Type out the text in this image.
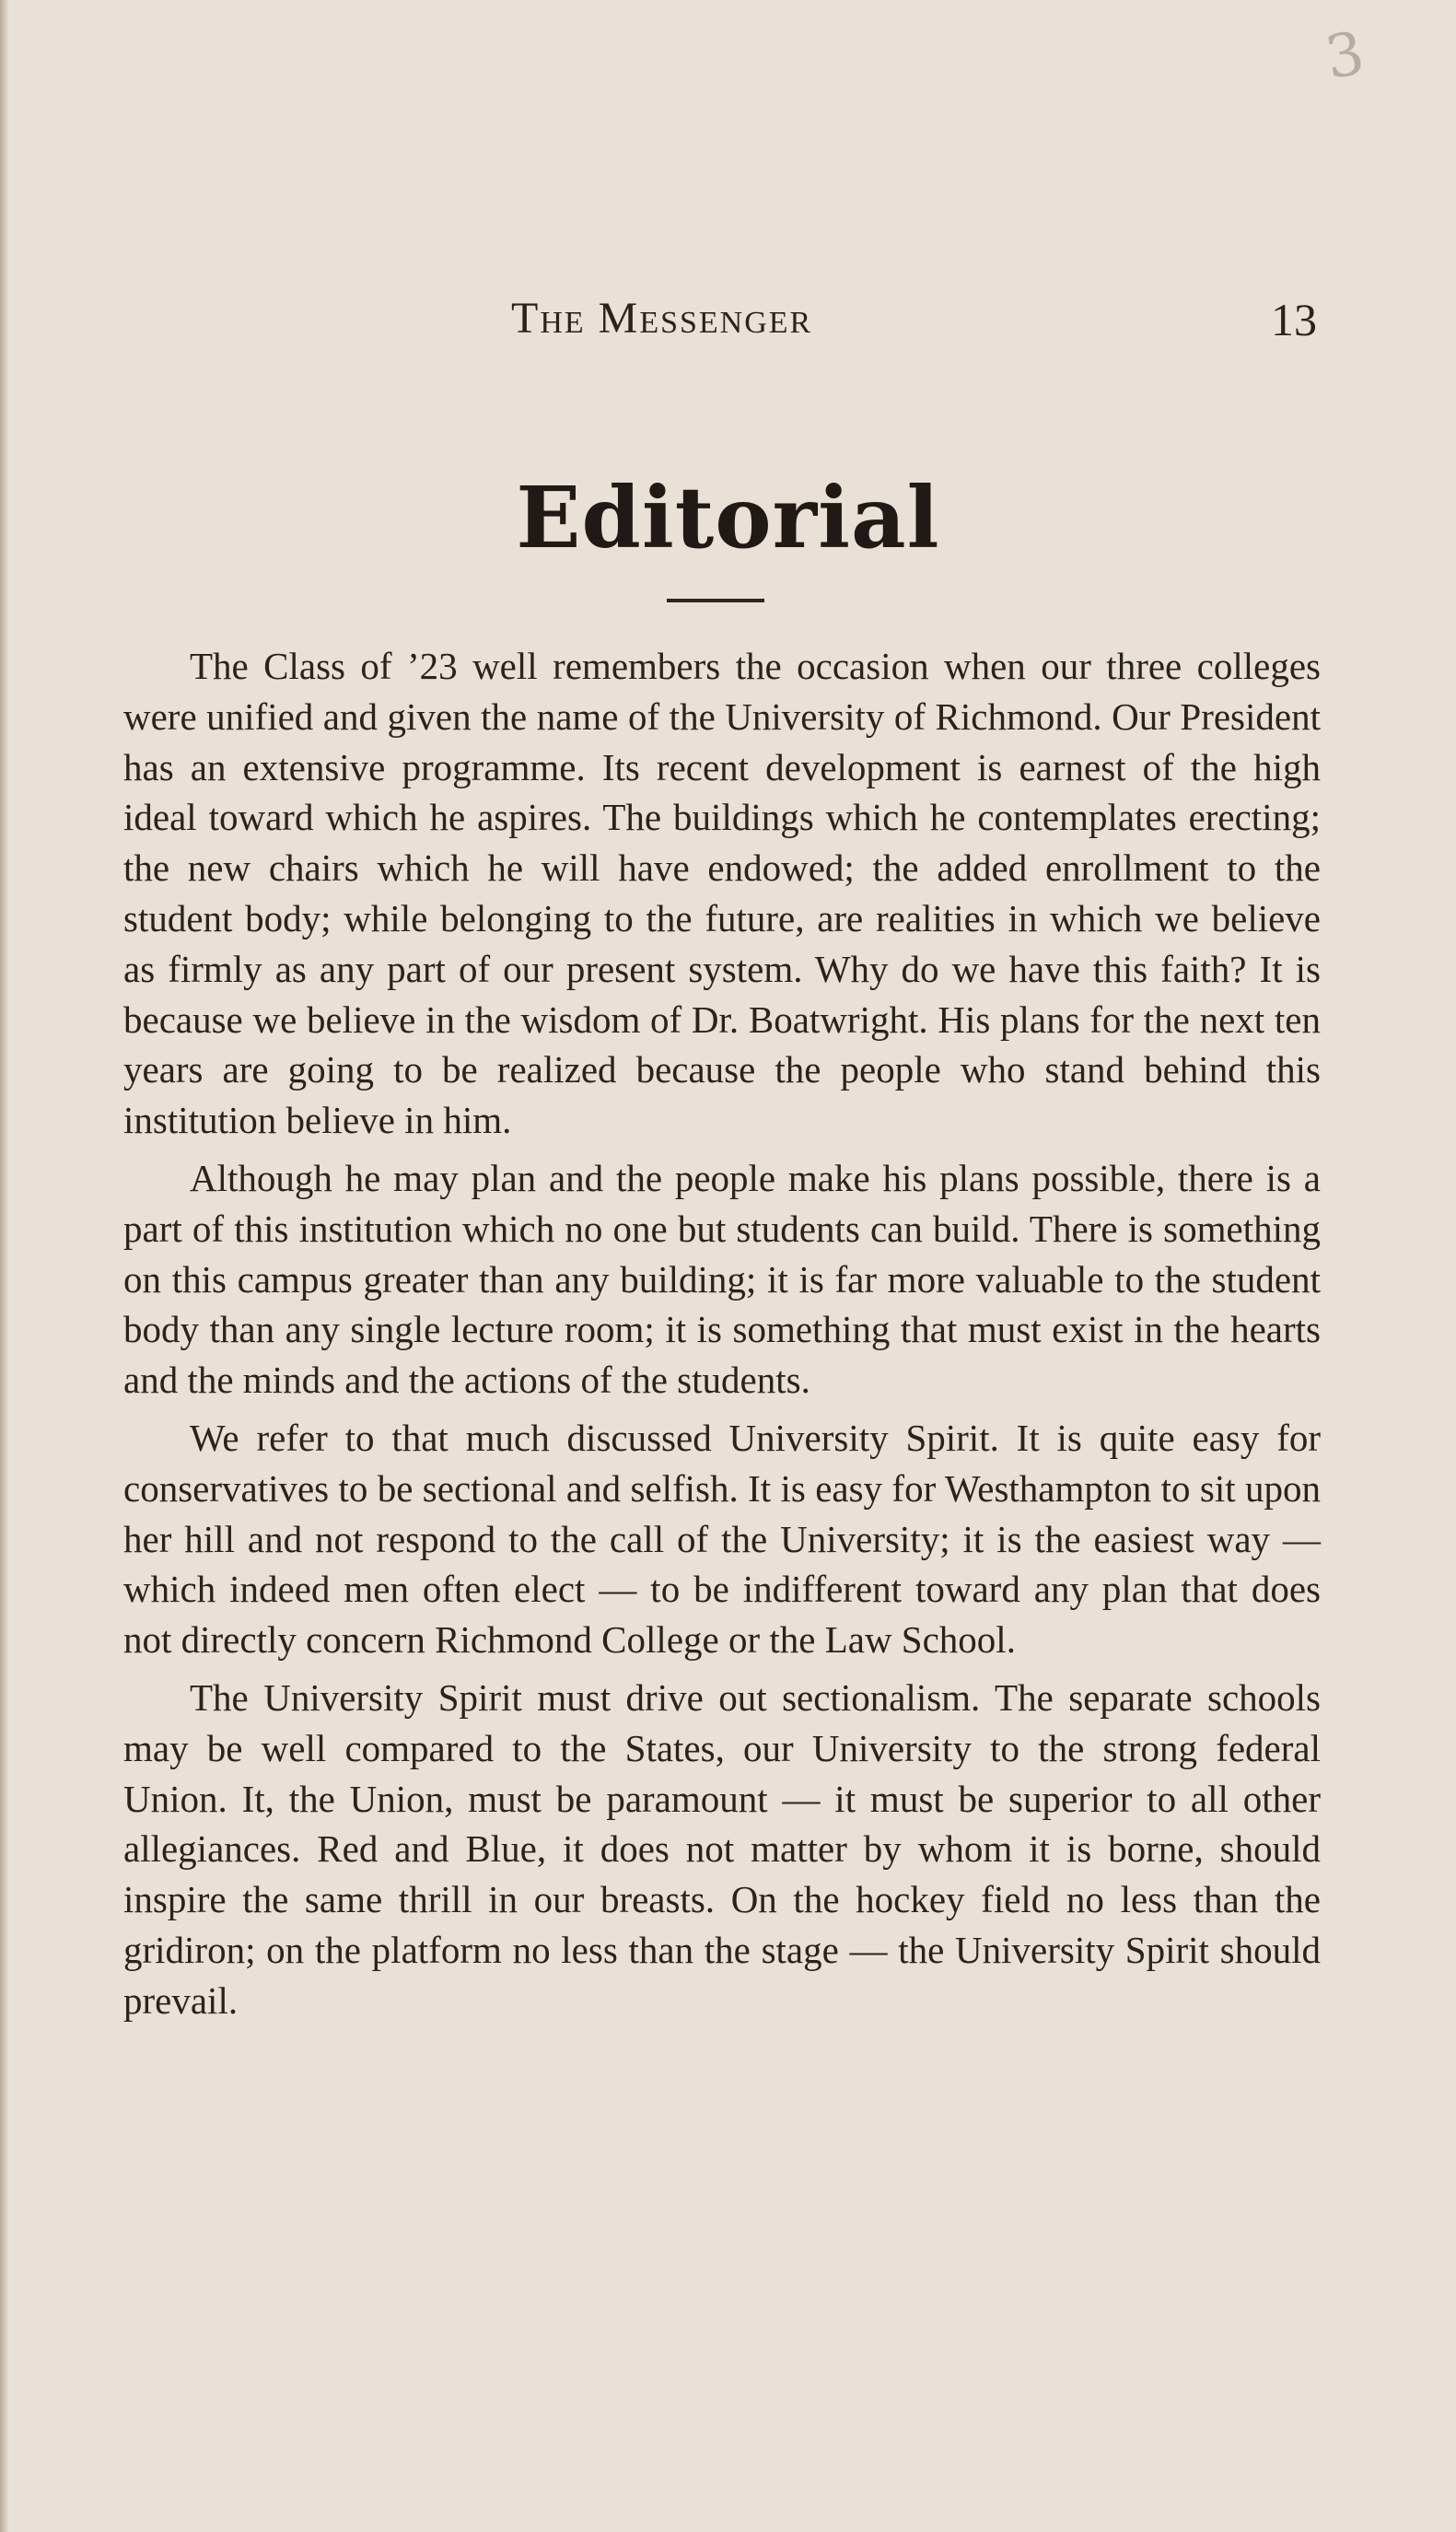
3
The Messenger	13
Editorial

The Class of ’23 well remembers the occasion when our three colleges were unified and given the name of the University of Richmond. Our President has an extensive programme. Its recent development is earnest of the high ideal toward which he aspires. The buildings which he contemplates erecting; the new chairs which he will have endowed; the added enrollment to the student body; while belonging to the future, are realities in which we believe as firmly as any part of our present system. Why do we have this faith? It is because we believe in the wisdom of Dr. Boatwright. His plans for the next ten years are going to be realized because the people who stand behind this institution believe in him.

Although he may plan and the people make his plans possible, there is a part of this institution which no one but students can build. There is something on this campus greater than any building; it is far more valuable to the student body than any single lecture room; it is something that must exist in the hearts and the minds and the actions of the students.

We refer to that much discussed University Spirit. It is quite easy for conservatives to be sectional and selfish. It is easy for Westhampton to sit upon her hill and not respond to the call of the University; it is the easiest way — which indeed men often elect — to be indifferent toward any plan that does not directly concern Richmond College or the Law School.

The University Spirit must drive out sectionalism. The separate schools may be well compared to the States, our University to the strong federal Union. It, the Union, must be paramount — it must be superior to all other allegiances. Red and Blue, it does not matter by whom it is borne, should inspire the same thrill in our breasts. On the hockey field no less than the gridiron; on the platform no less than the stage — the University Spirit should prevail.
